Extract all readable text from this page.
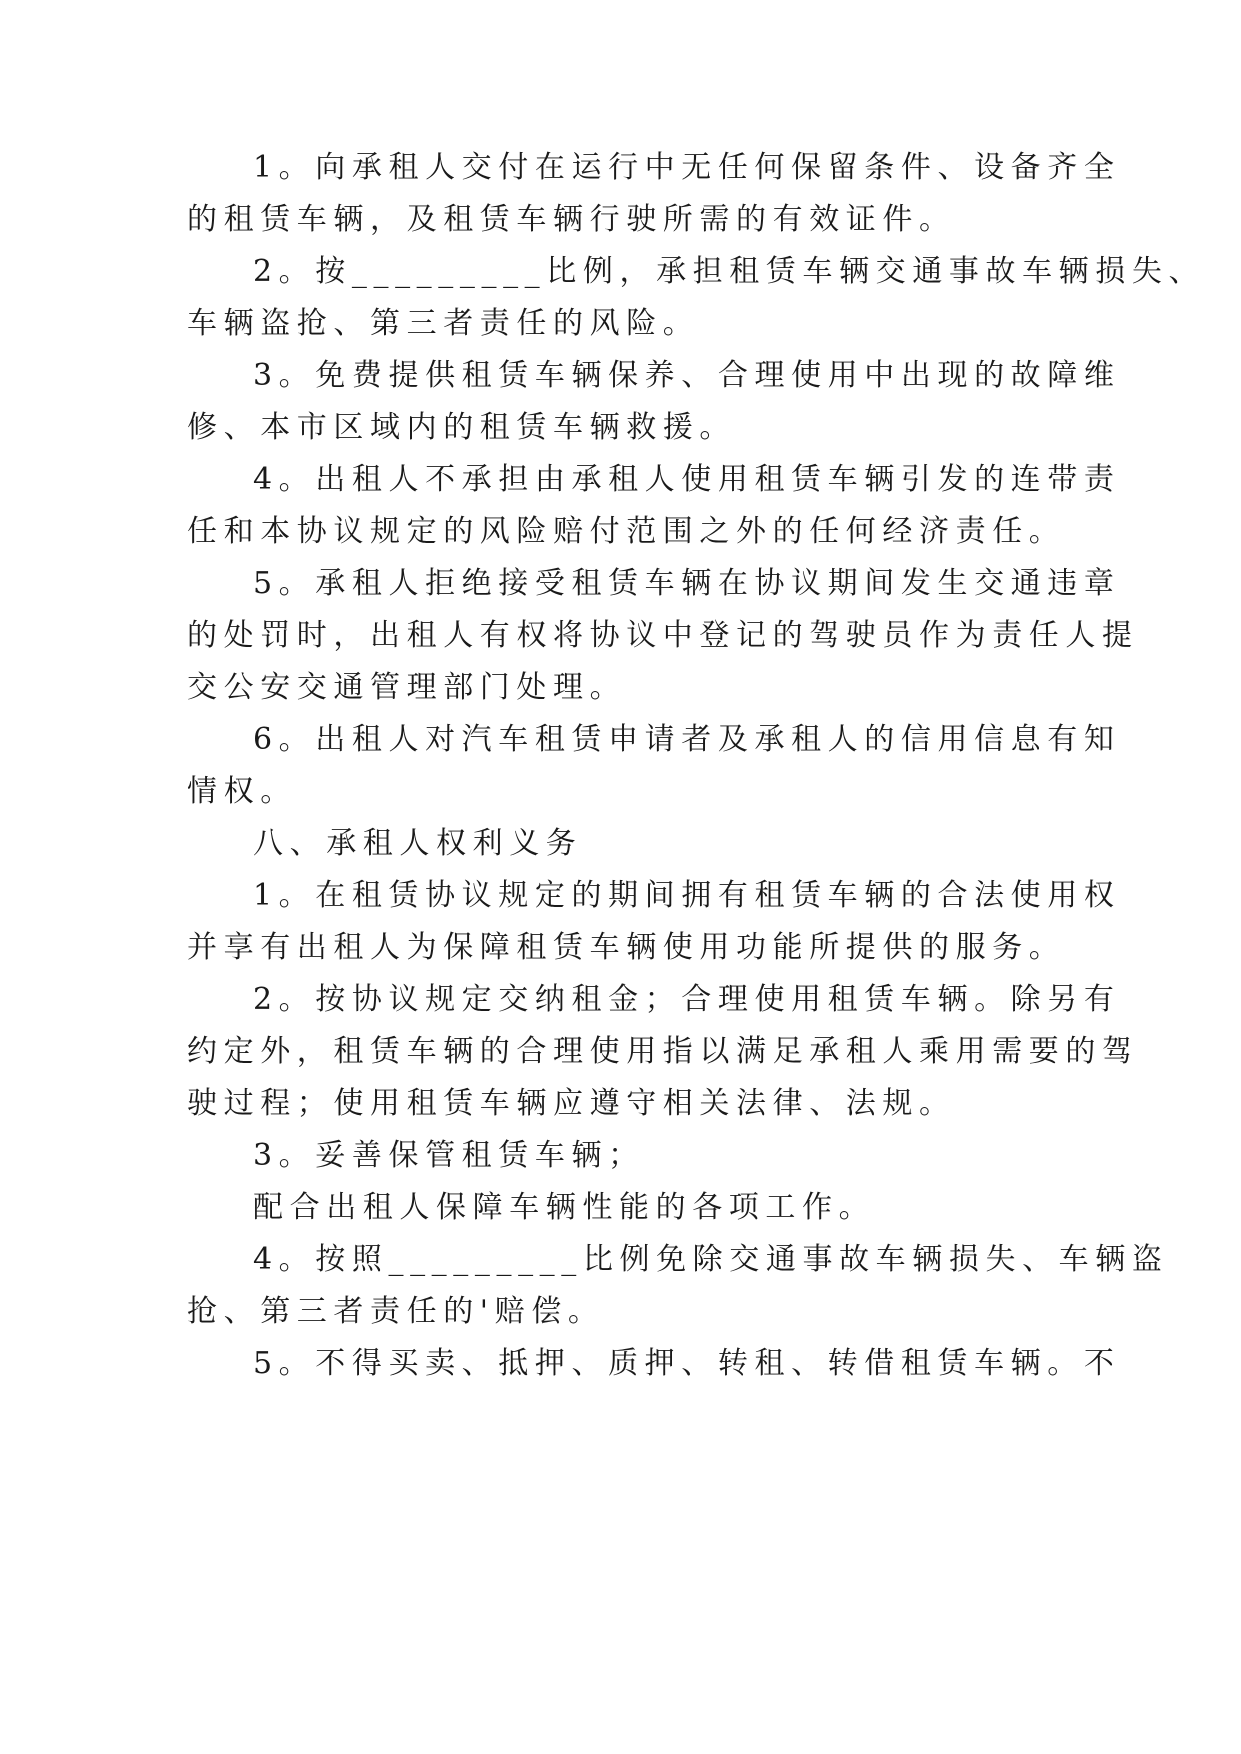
1。向承租人交付在运行中无任何保留条件、设备齐全
的租赁车辆，及租赁车辆行驶所需的有效证件。
2。按_________比例，承担租赁车辆交通事故车辆损失、
车辆盗抢、第三者责任的风险。
3。免费提供租赁车辆保养、合理使用中出现的故障维
修、本市区域内的租赁车辆救援。
4。出租人不承担由承租人使用租赁车辆引发的连带责
任和本协议规定的风险赔付范围之外的任何经济责任。
5。承租人拒绝接受租赁车辆在协议期间发生交通违章
的处罚时，出租人有权将协议中登记的驾驶员作为责任人提
交公安交通管理部门处理。
6。出租人对汽车租赁申请者及承租人的信用信息有知
情权。
八、承租人权利义务
1。在租赁协议规定的期间拥有租赁车辆的合法使用权
并享有出租人为保障租赁车辆使用功能所提供的服务。
2。按协议规定交纳租金；合理使用租赁车辆。除另有
约定外，租赁车辆的合理使用指以满足承租人乘用需要的驾
驶过程；使用租赁车辆应遵守相关法律、法规。
3。妥善保管租赁车辆；
配合出租人保障车辆性能的各项工作。
4。按照_________比例免除交通事故车辆损失、车辆盗
抢、第三者责任的'赔偿。
5。不得买卖、抵押、质押、转租、转借租赁车辆。不
